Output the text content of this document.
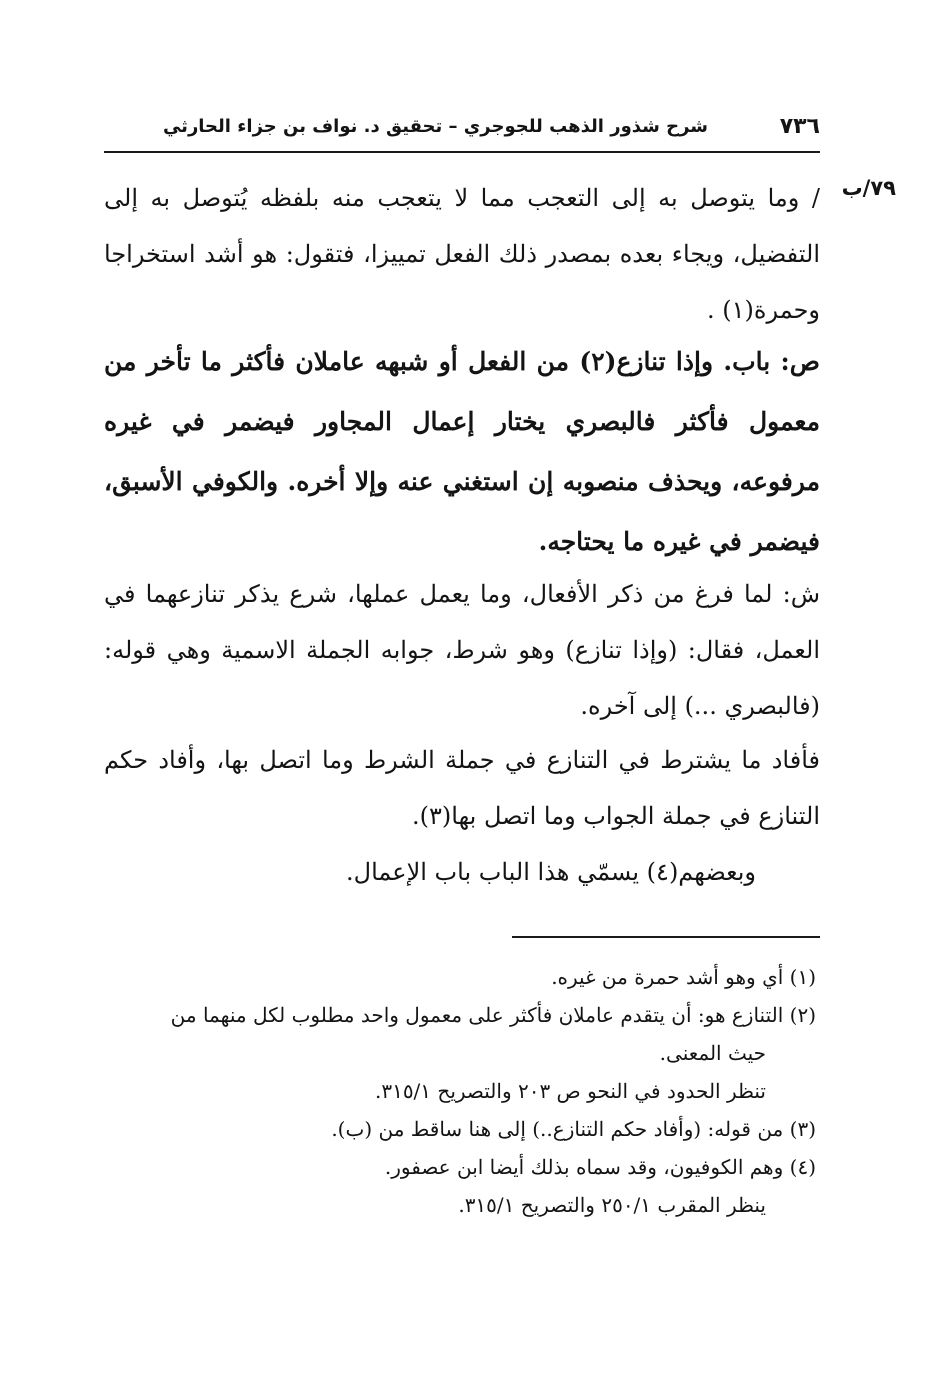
٧٣٦
شرح شذور الذهب للجوجري – تحقيق د. نواف بن جزاء الحارثي
٧٩/ب

/ وما يتوصل به إلى التعجب مما لا يتعجب منه بلفظه يُتوصل به إلى التفضيل، ويجاء بعده بمصدر ذلك الفعل تمييزا، فتقول: هو أشد استخراجا وحمرة(١) .

ص: باب. وإذا تنازع(٢) من الفعل أو شبهه عاملان فأكثر ما تأخر من معمول فأكثر فالبصري يختار إعمال المجاور فيضمر في غيره مرفوعه، ويحذف منصوبه إن استغني عنه وإلا أخره. والكوفي الأسبق، فيضمر في غيره ما يحتاجه.

ش: لما فرغ من ذكر الأفعال، وما يعمل عملها، شرع يذكر تنازعهما في العمل، فقال: (وإذا تنازع) وهو شرط، جوابه الجملة الاسمية وهي قوله: (فالبصري ...) إلى آخره.

فأفاد ما يشترط في التنازع في جملة الشرط وما اتصل بها، وأفاد حكم التنازع في جملة الجواب وما اتصل بها(٣).

وبعضهم(٤) يسمّي هذا الباب باب الإعمال.

(١) أي وهو أشد حمرة من غيره.

(٢) التنازع هو: أن يتقدم عاملان فأكثر على معمول واحد مطلوب لكل منهما من

حيث المعنى.

تنظر الحدود في النحو ص ٢٠٣ والتصريح ٣١٥/١.

(٣) من قوله: (وأفاد حكم التنازع..) إلى هنا ساقط من (ب).

(٤) وهم الكوفيون، وقد سماه بذلك أيضا ابن عصفور.

ينظر المقرب ٢٥٠/١ والتصريح ٣١٥/١.
